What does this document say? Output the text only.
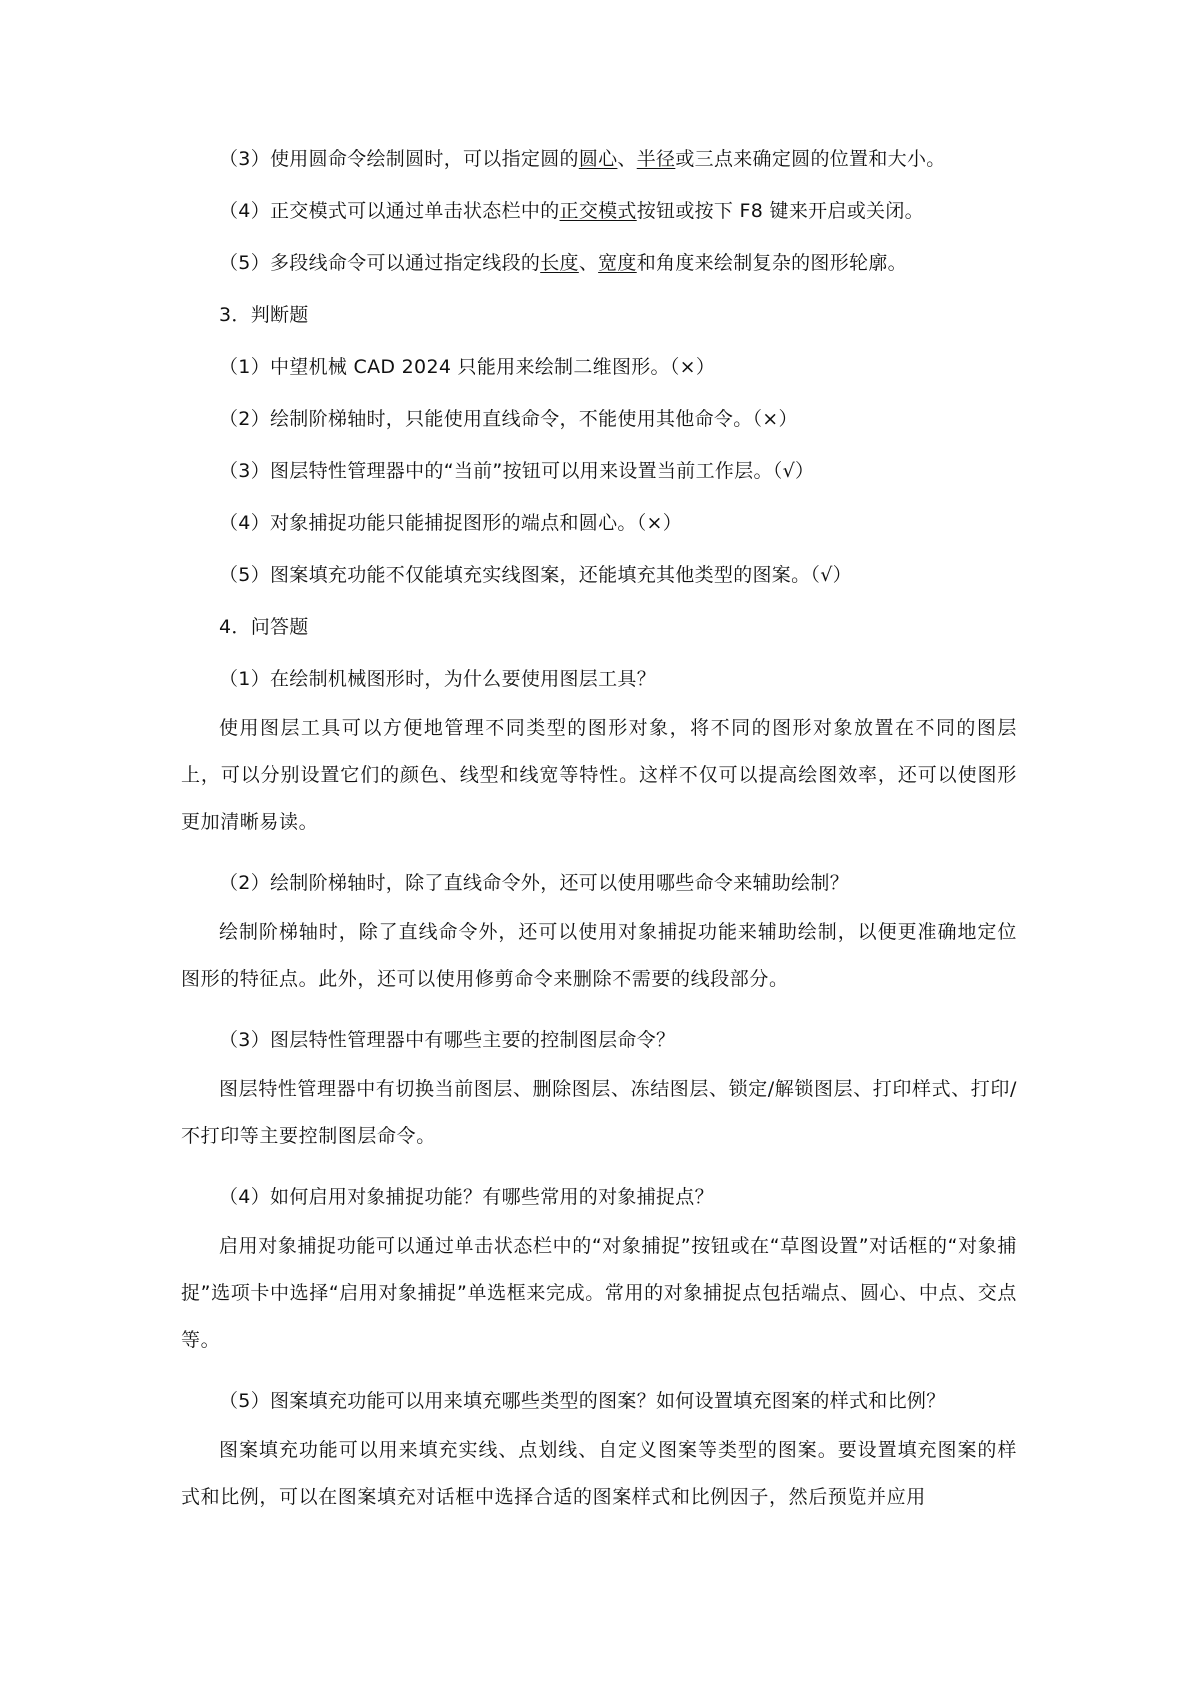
（3）使用圆命令绘制圆时，可以指定圆的圆心、半径或三点来确定圆的位置和大小。

（4）正交模式可以通过单击状态栏中的正交模式按钮或按下 F8 键来开启或关闭。

（5）多段线命令可以通过指定线段的长度、宽度和角度来绘制复杂的图形轮廓。

3．判断题

（1）中望机械 CAD 2024 只能用来绘制二维图形。（×）

（2）绘制阶梯轴时，只能使用直线命令，不能使用其他命令。（×）

（3）图层特性管理器中的“当前”按钮可以用来设置当前工作层。（√）

（4）对象捕捉功能只能捕捉图形的端点和圆心。（×）

（5）图案填充功能不仅能填充实线图案，还能填充其他类型的图案。（√）

4．问答题

（1）在绘制机械图形时，为什么要使用图层工具？

使用图层工具可以方便地管理不同类型的图形对象，将不同的图形对象放置在不同的图层上，可以分别设置它们的颜色、线型和线宽等特性。这样不仅可以提高绘图效率，还可以使图形更加清晰易读。

（2）绘制阶梯轴时，除了直线命令外，还可以使用哪些命令来辅助绘制？

绘制阶梯轴时，除了直线命令外，还可以使用对象捕捉功能来辅助绘制，以便更准确地定位图形的特征点。此外，还可以使用修剪命令来删除不需要的线段部分。

（3）图层特性管理器中有哪些主要的控制图层命令？

图层特性管理器中有切换当前图层、删除图层、冻结图层、锁定/解锁图层、打印样式、打印/不打印等主要控制图层命令。

（4）如何启用对象捕捉功能？有哪些常用的对象捕捉点？

启用对象捕捉功能可以通过单击状态栏中的“对象捕捉”按钮或在“草图设置”对话框的“对象捕捉”选项卡中选择“启用对象捕捉”单选框来完成。常用的对象捕捉点包括端点、圆心、中点、交点等。

（5）图案填充功能可以用来填充哪些类型的图案？如何设置填充图案的样式和比例？

图案填充功能可以用来填充实线、点划线、自定义图案等类型的图案。要设置填充图案的样式和比例，可以在图案填充对话框中选择合适的图案样式和比例因子，然后预览并应用
